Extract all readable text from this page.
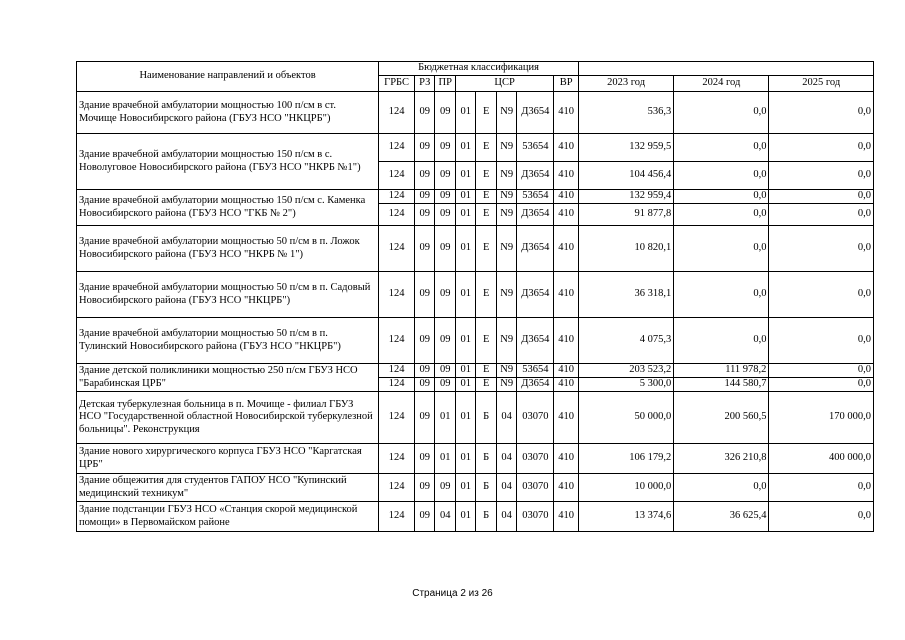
Наименование направлений и объектов	Бюджетная классификация										
	ГРБС	РЗ	ПР	ЦСР				ВР	2023 год	2024 год	2025 год
Здание врачебной амбулатории мощностью 100 п/см в ст. Мочище Новосибирского района (ГБУЗ НСО "НКЦРБ")	124	09	09	01	Е	N9	Д3654	410	536,3	0,0	0,0
Здание врачебной амбулатории мощностью 150 п/см в с. Новолуговое Новосибирского района (ГБУЗ НСО "НКРБ №1")	124	09	09	01	Е	N9	53654	410	132 959,5	0,0	0,0
	124	09	09	01	Е	N9	Д3654	410	104 456,4	0,0	0,0
Здание врачебной амбулатории мощностью 150 п/см с. Каменка Новосибирского района (ГБУЗ НСО "ГКБ № 2")	124	09	09	01	Е	N9	53654	410	132 959,4	0,0	0,0
	124	09	09	01	Е	N9	Д3654	410	91 877,8	0,0	0,0
Здание врачебной амбулатории мощностью 50 п/см в п. Ложок Новосибирского района (ГБУЗ НСО "НКРБ № 1")	124	09	09	01	Е	N9	Д3654	410	10 820,1	0,0	0,0
Здание врачебной амбулатории мощностью 50 п/см в п. Садовый Новосибирского района (ГБУЗ НСО "НКЦРБ")	124	09	09	01	Е	N9	Д3654	410	36 318,1	0,0	0,0
Здание врачебной амбулатории мощностью 50 п/см в п. Тулинский Новосибирского района (ГБУЗ НСО "НКЦРБ")	124	09	09	01	Е	N9	Д3654	410	4 075,3	0,0	0,0
Здание детской поликлиники мощностью 250 п/см ГБУЗ НСО "Барабинская ЦРБ"	124	09	09	01	Е	N9	53654	410	203 523,2	111 978,2	0,0
	124	09	09	01	Е	N9	Д3654	410	5 300,0	144 580,7	0,0
Детская туберкулезная больница в п. Мочище - филиал ГБУЗ НСО "Государственной областной Новосибирской туберкулезной больницы". Реконструкция	124	09	01	01	Б	04	03070	410	50 000,0	200 560,5	170 000,0
Здание нового хирургического корпуса ГБУЗ НСО "Каргатская ЦРБ"	124	09	01	01	Б	04	03070	410	106 179,2	326 210,8	400 000,0
Здание общежития для студентов ГАПОУ НСО "Купинский медицинский техникум"	124	09	09	01	Б	04	03070	410	10 000,0	0,0	0,0
Здание подстанции ГБУЗ НСО «Станция скорой медицинской помощи» в Первомайском районе	124	09	04	01	Б	04	03070	410	13 374,6	36 625,4	0,0
Страница 2 из 26
